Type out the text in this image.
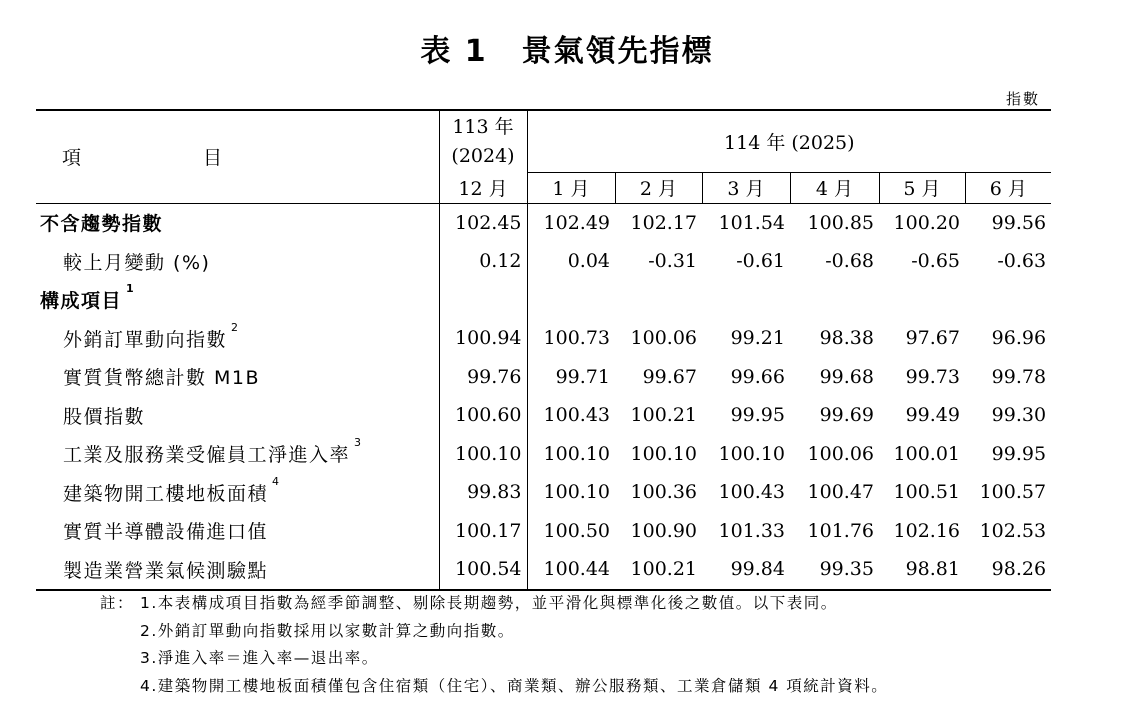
表 1 景氣領先指標
指數
項 目	113 年
(2024)	114 年 (2025)					
	12 月	1 月	2 月	3 月	4 月	5 月	6 月
不含趨勢指數	102.45	102.49	102.17	101.54	100.85	100.20	99.56
較上月變動 (%)	0.12	0.04	-0.31	-0.61	-0.68	-0.65	-0.63
構成項目$^1$							
外銷訂單動向指數$^2$	100.94	100.73	100.06	99.21	98.38	97.67	96.96
實質貨幣總計數 M1B	99.76	99.71	99.67	99.66	99.68	99.73	99.78
股價指數	100.60	100.43	100.21	99.95	99.69	99.49	99.30
工業及服務業受僱員工淨進入率$^3$	100.10	100.10	100.10	100.10	100.06	100.01	99.95
建築物開工樓地板面積$^4$	99.83	100.10	100.36	100.43	100.47	100.51	100.57
實質半導體設備進口值	100.17	100.50	100.90	101.33	101.76	102.16	102.53
製造業營業氣候測驗點	100.54	100.44	100.21	99.84	99.35	98.81	98.26
註： 1.本表構成項目指數為經季節調整、剔除長期趨勢，並平滑化與標準化後之數值。以下表同。
2.外銷訂單動向指數採用以家數計算之動向指數。
3.淨進入率＝進入率—退出率。
4.建築物開工樓地板面積僅包含住宿類（住宅）、商業類、辦公服務類、工業倉儲類 4 項統計資料。
